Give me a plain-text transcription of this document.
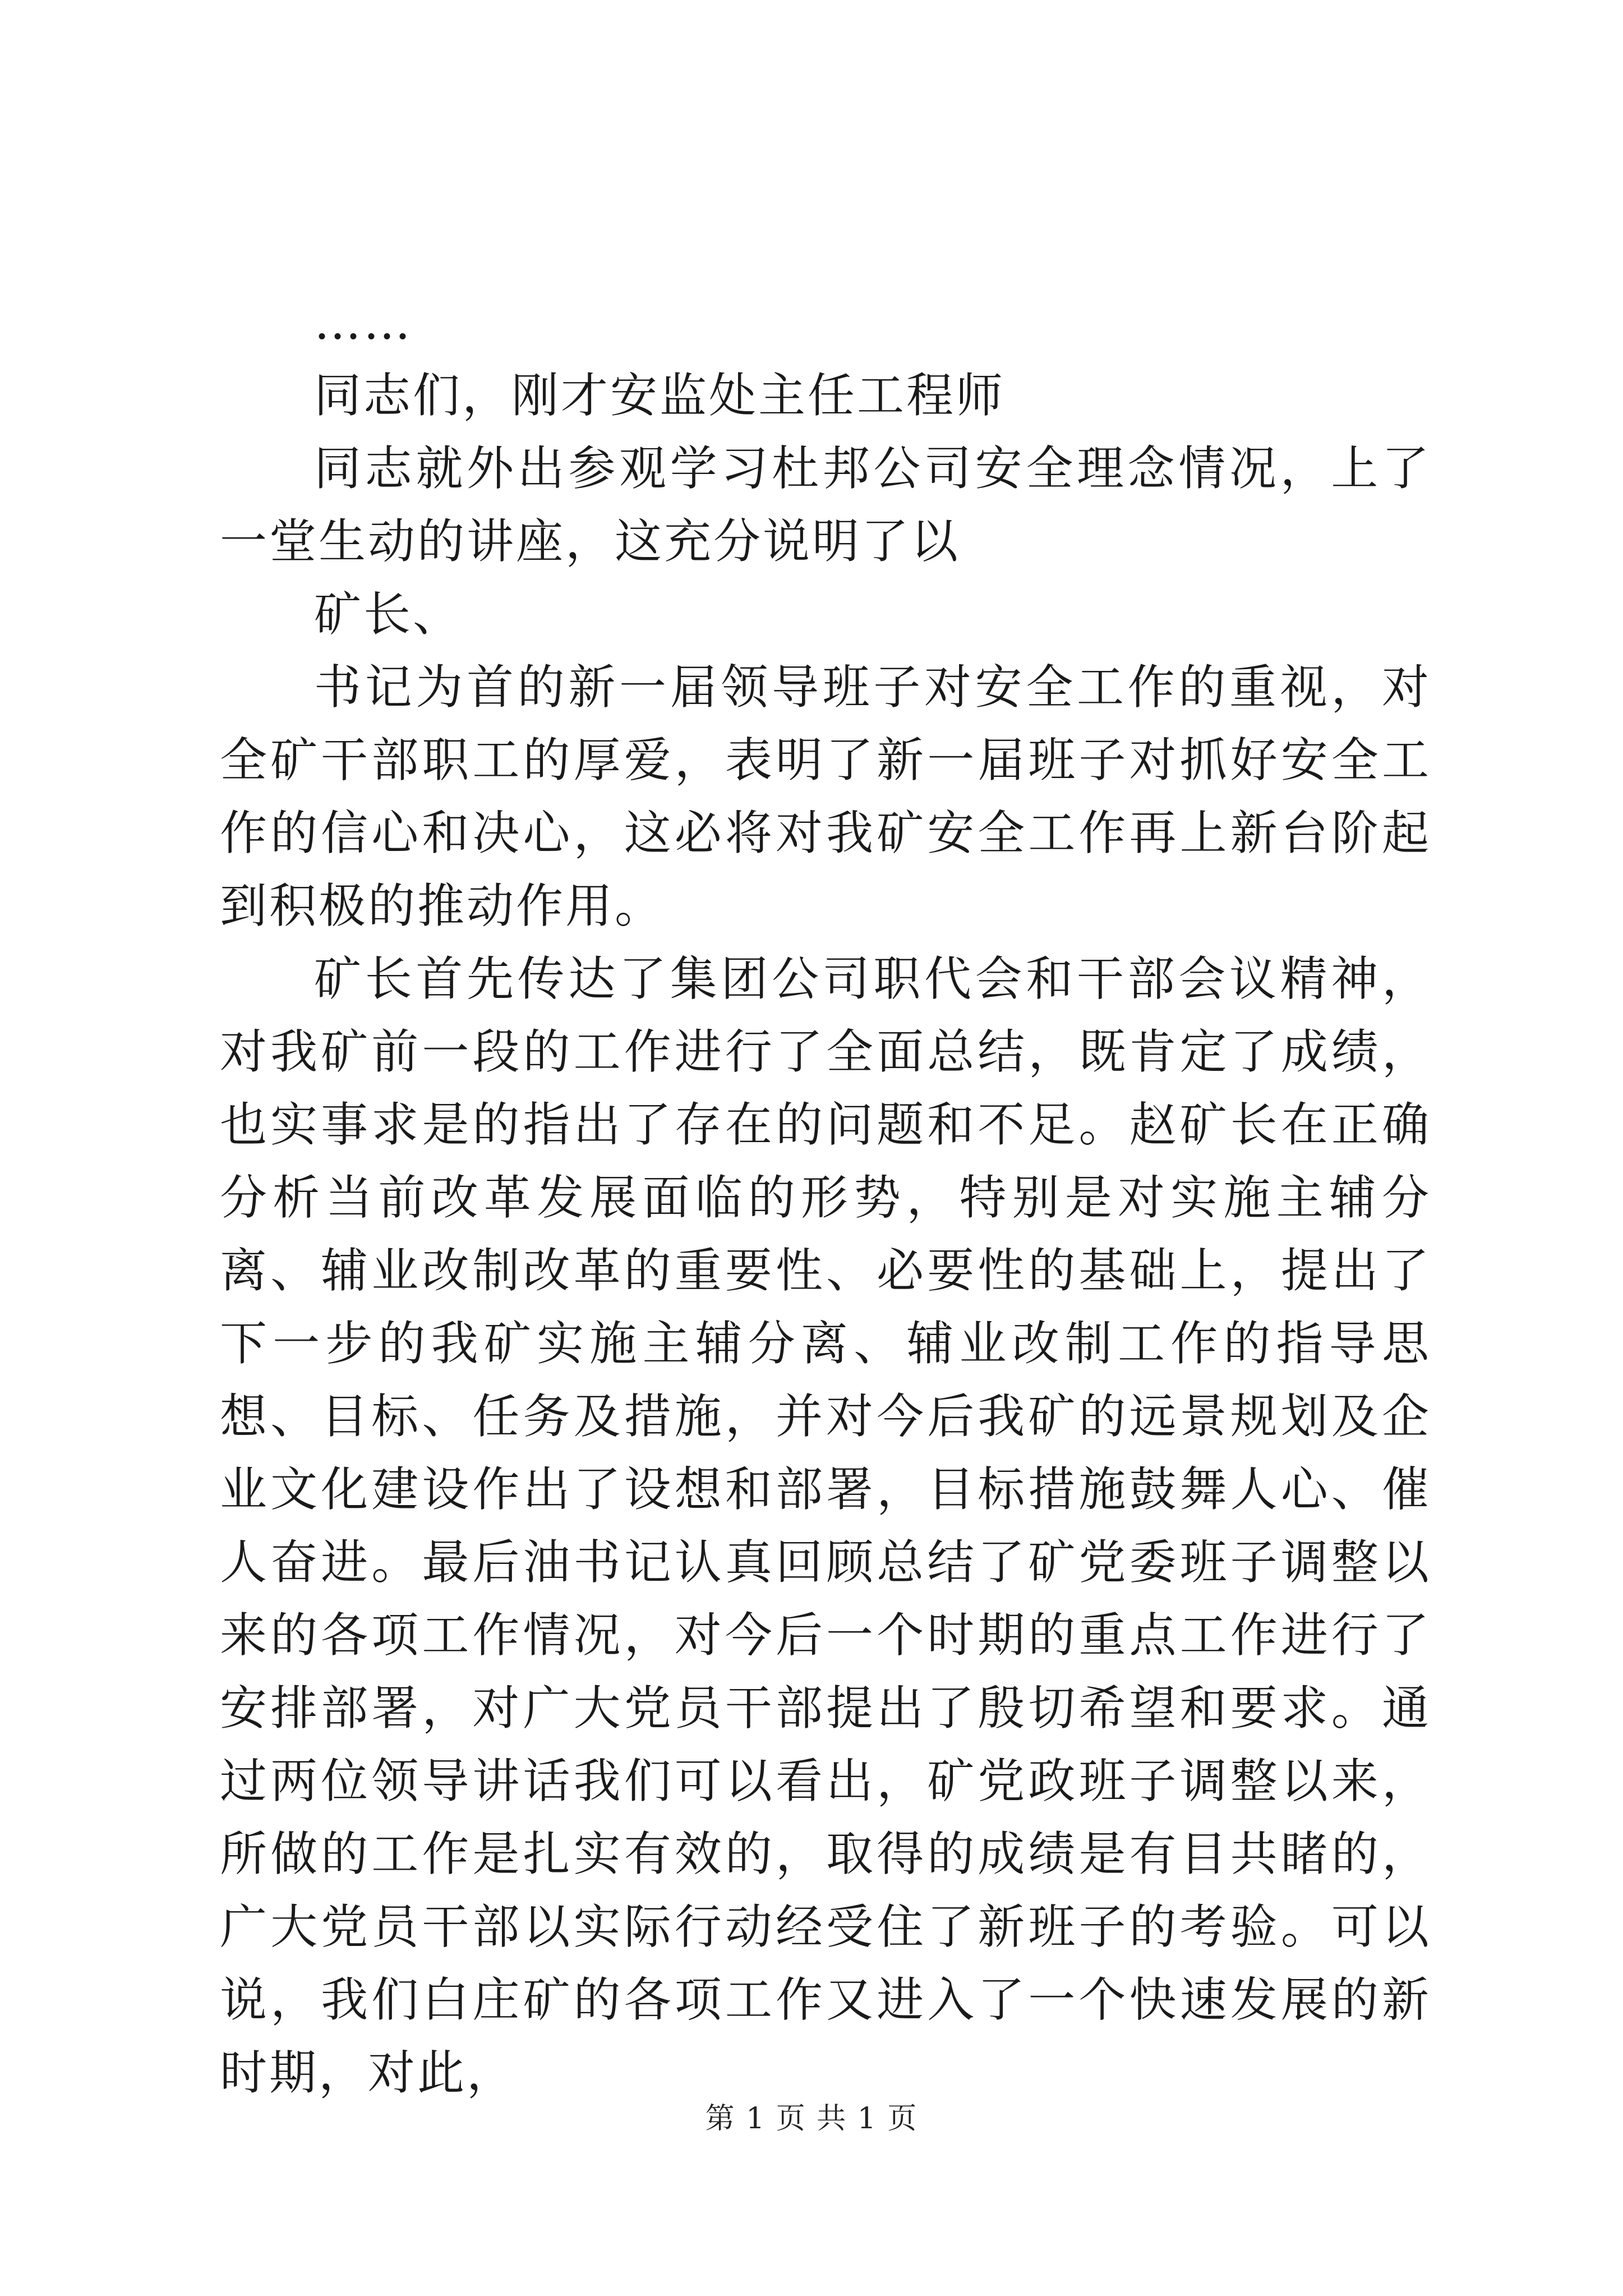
……

同志们，刚才安监处主任工程师

同志就外出参观学习杜邦公司安全理念情况，上了一堂生动的讲座，这充分说明了以

矿长、

书记为首的新一届领导班子对安全工作的重视，对全矿干部职工的厚爱，表明了新一届班子对抓好安全工作的信心和决心，这必将对我矿安全工作再上新台阶起到积极的推动作用。

矿长首先传达了集团公司职代会和干部会议精神，对我矿前一段的工作进行了全面总结，既肯定了成绩，也实事求是的指出了存在的问题和不足。赵矿长在正确分析当前改革发展面临的形势，特别是对实施主辅分离、辅业改制改革的重要性、必要性的基础上，提出了下一步的我矿实施主辅分离、辅业改制工作的指导思想、目标、任务及措施，并对今后我矿的远景规划及企业文化建设作出了设想和部署，目标措施鼓舞人心、催人奋进。最后油书记认真回顾总结了矿党委班子调整以来的各项工作情况，对今后一个时期的重点工作进行了安排部署，对广大党员干部提出了殷切希望和要求。通过两位领导讲话我们可以看出，矿党政班子调整以来，所做的工作是扎实有效的，取得的成绩是有目共睹的，广大党员干部以实际行动经受住了新班子的考验。可以说，我们白庄矿的各项工作又进入了一个快速发展的新时期，对此，

第 1 页 共 1 页
